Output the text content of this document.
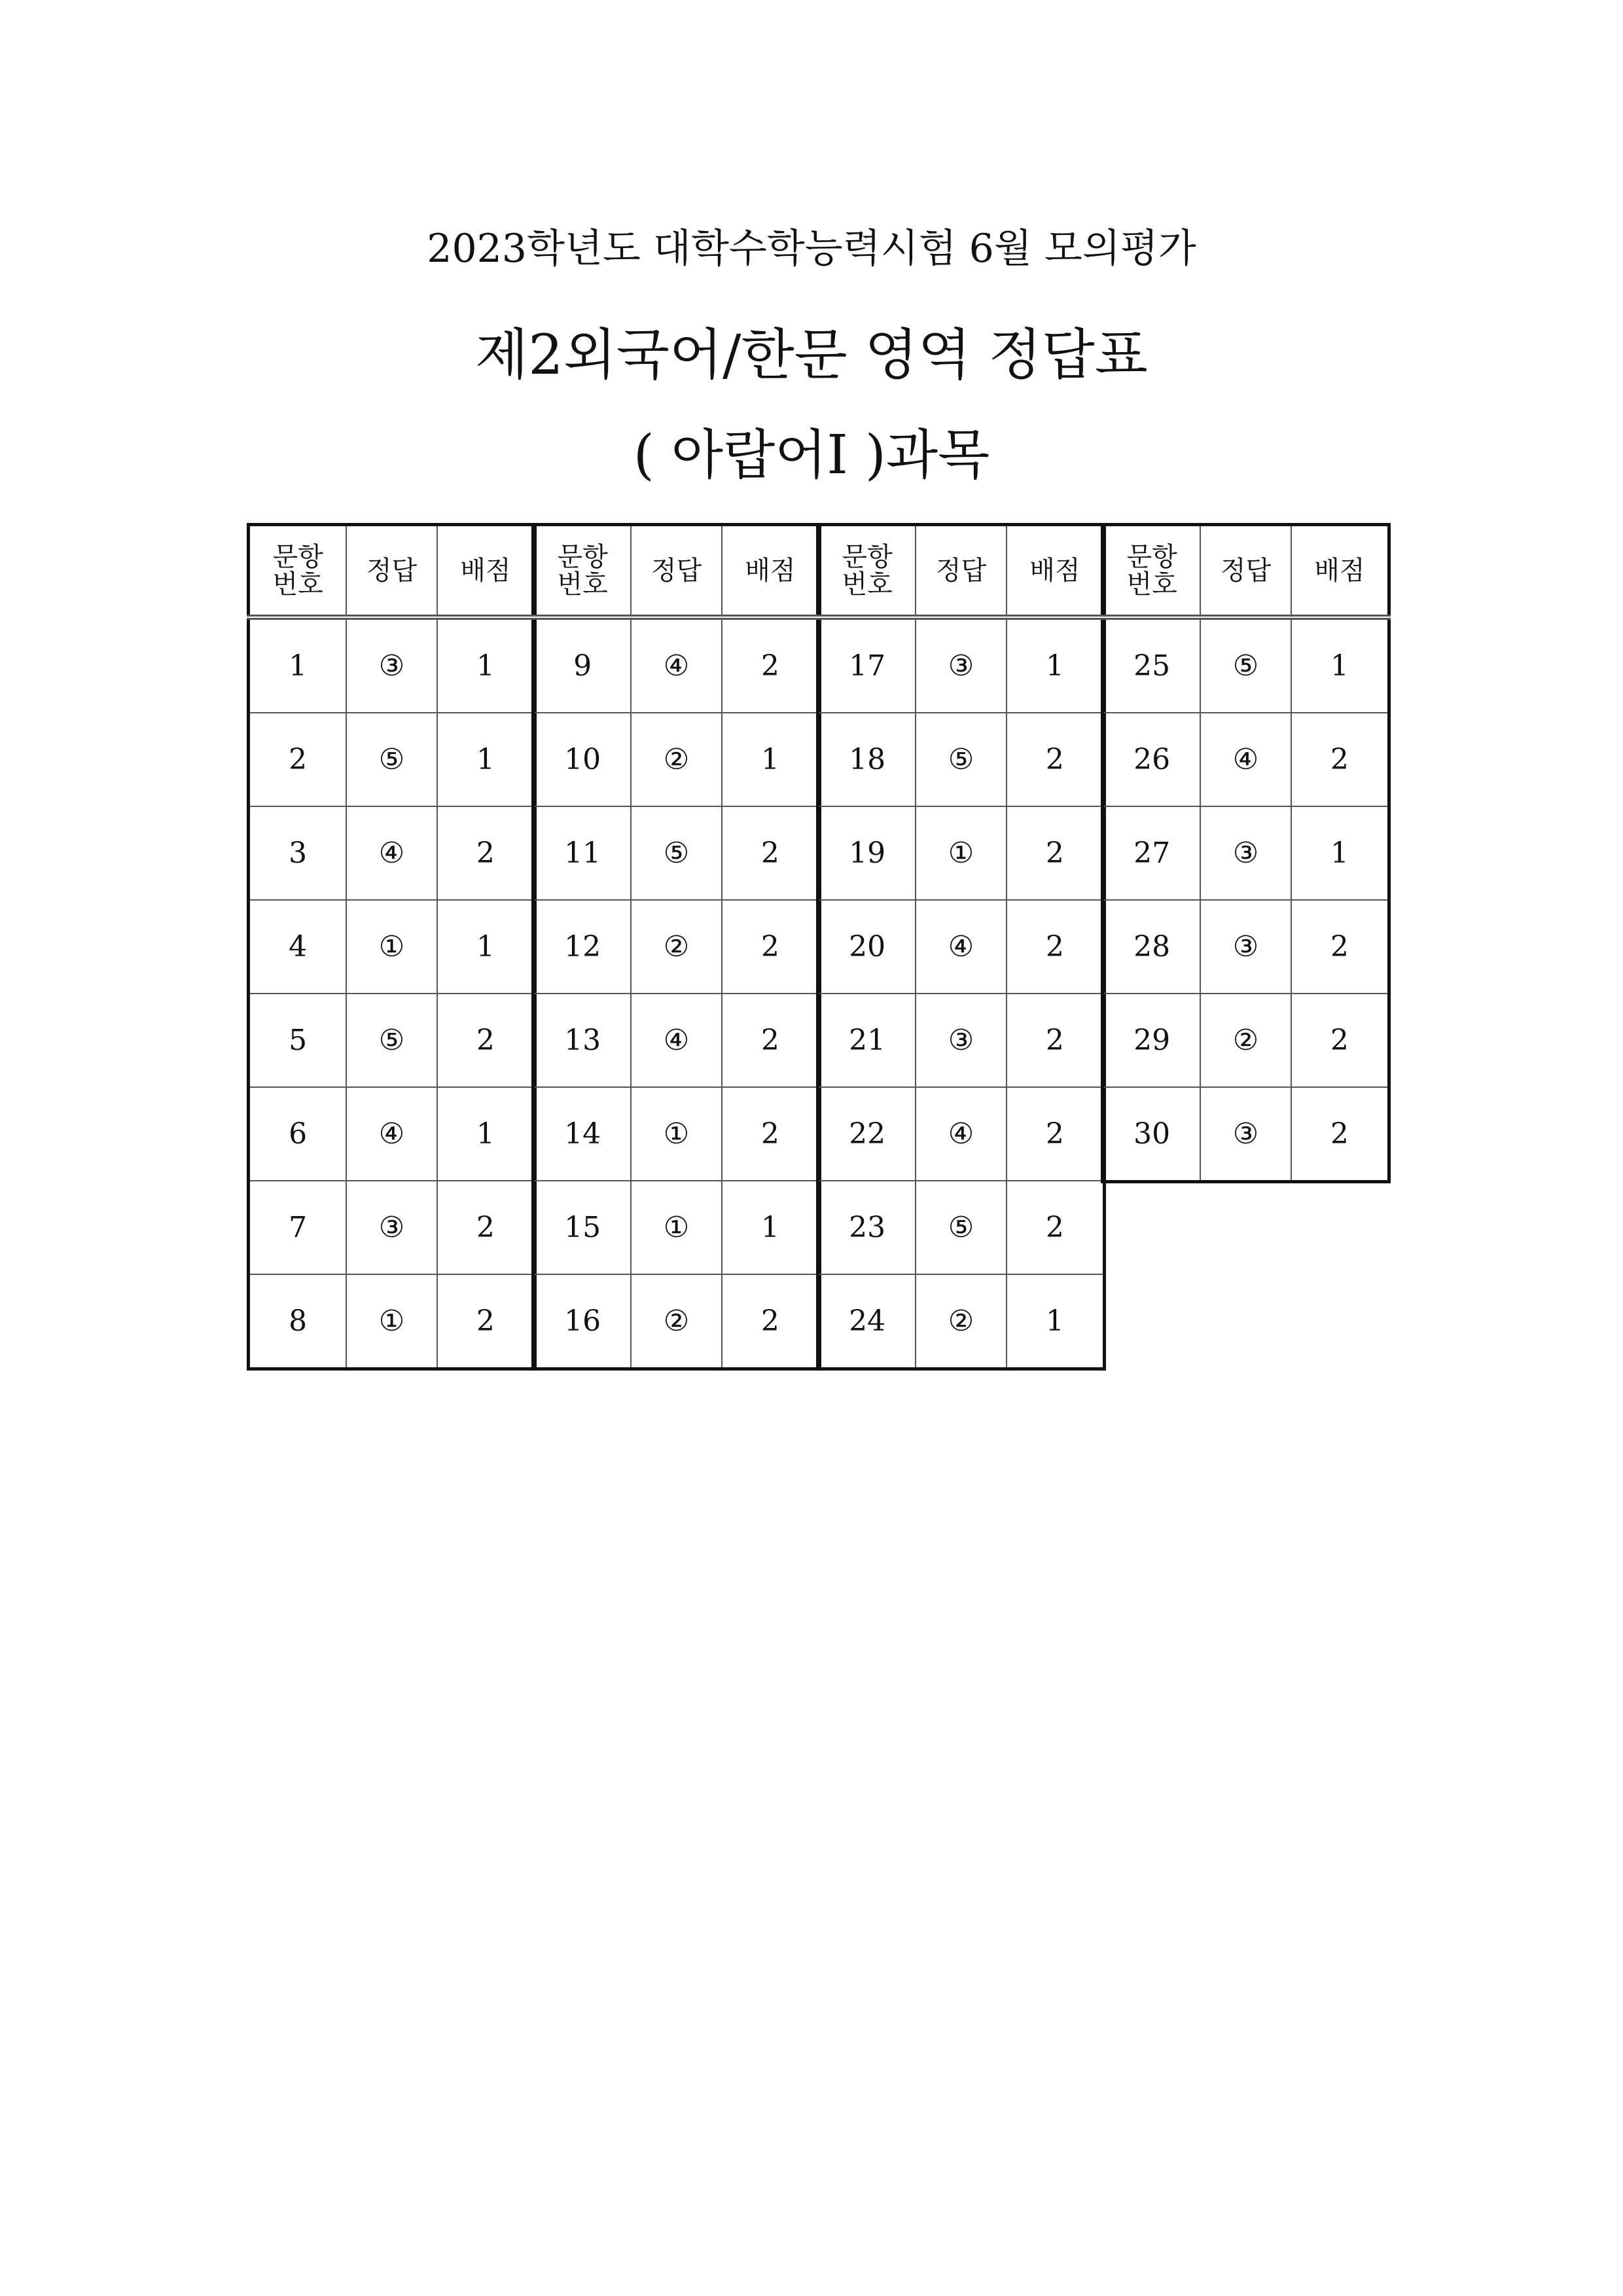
2023학년도 대학수학능력시험 6월 모의평가
제2외국어/한문 영역 정답표
( 아랍어Ⅰ )과목
문항
번호	정답	배점
1	③	1
2	⑤	1
3	④	2
4	①	1
5	⑤	2
6	④	1
7	③	2
8	①	2
문항
번호	정답	배점
9	④	2
10	②	1
11	⑤	2
12	②	2
13	④	2
14	①	2
15	①	1
16	②	2
문항
번호	정답	배점
17	③	1
18	⑤	2
19	①	2
20	④	2
21	③	2
22	④	2
23	⑤	2
24	②	1
문항
번호	정답	배점
25	⑤	1
26	④	2
27	③	1
28	③	2
29	②	2
30	③	2
